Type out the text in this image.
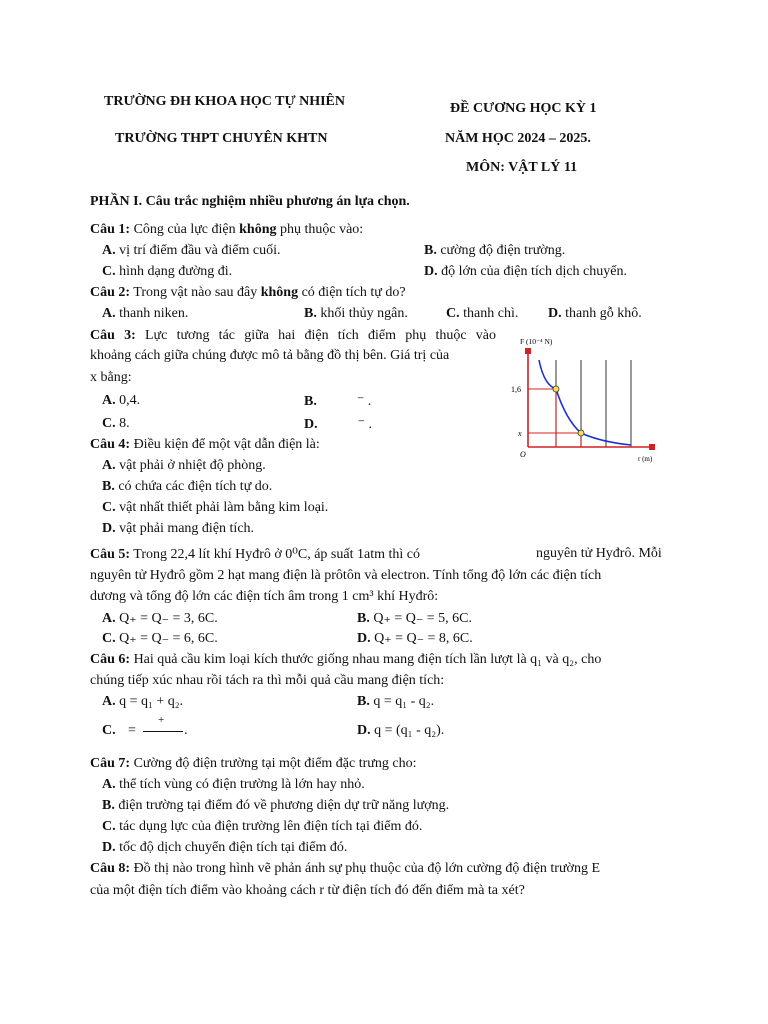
TRƯỜNG ĐH KHOA HỌC TỰ NHIÊN
TRƯỜNG THPT CHUYÊN KHTN
ĐỀ CƯƠNG HỌC KỲ 1
NĂM HỌC 2024 – 2025.
MÔN: VẬT LÝ 11
PHẦN I. Câu trắc nghiệm nhiều phương án lựa chọn.
Câu 1: Công của lực điện không phụ thuộc vào:
A. vị trí điểm đầu và điểm cuối.	B. cường độ điện trường.
C. hình dạng đường đi.	D. độ lớn của điện tích dịch chuyển.
Câu 2: Trong vật nào sau đây không có điện tích tự do?
A. thanh niken.	B. khối thủy ngân.	C. thanh chì. D. thanh gỗ khô.
Câu 3: Lực tương tác giữa hai điện tích điểm phụ thuộc vào
khoảng cách giữa chúng được mô tả bằng đồ thị bên. Giá trị của
x bằng:
A. 0,4.	B.	⁻ .
C. 8.	D.	⁻ .
F (10⁻⁴ N)
1,6
x
O	r (m)
Câu 4: Điều kiện để một vật dẫn điện là:
A. vật phải ở nhiệt độ phòng.
B. có chứa các điện tích tự do.
C. vật nhất thiết phải làm bằng kim loại.
D. vật phải mang điện tích.
Câu 5: Trong 22,4 lít khí Hyđrô ở 0⁰C, áp suất 1atm thì có	nguyên tử Hyđrô. Mỗi
nguyên tử Hyđrô gồm 2 hạt mang điện là prôtôn và electron. Tính tổng độ lớn các điện tích
dương và tổng độ lớn các điện tích âm trong 1 cm³ khí Hyđrô:
A. Q₊ = Q₋ = 3, 6C.	B. Q₊ = Q₋ = 5, 6C.
C. Q₊ = Q₋ = 6, 6C.	D. Q₊ = Q₋ = 8, 6C.
Câu 6: Hai quả cầu kim loại kích thước giống nhau mang điện tích lần lượt là q₁ và q₂, cho
chúng tiếp xúc nhau rồi tách ra thì mỗi quả cầu mang điện tích:
A. q = q₁ + q₂.	B. q = q₁ - q₂.
C. =
+
.	D. q = (q₁ - q₂).
Câu 7: Cường độ điện trường tại một điểm đặc trưng cho:
A. thể tích vùng có điện trường là lớn hay nhỏ.
B. điện trường tại điểm đó về phương diện dự trữ năng lượng.
C. tác dụng lực của điện trường lên điện tích tại điểm đó.
D. tốc độ dịch chuyển điện tích tại điểm đó.
Câu 8: Đồ thị nào trong hình vẽ phản ánh sự phụ thuộc của độ lớn cường độ điện trường E
của một điện tích điểm vào khoảng cách r từ điện tích đó đến điểm mà ta xét?
